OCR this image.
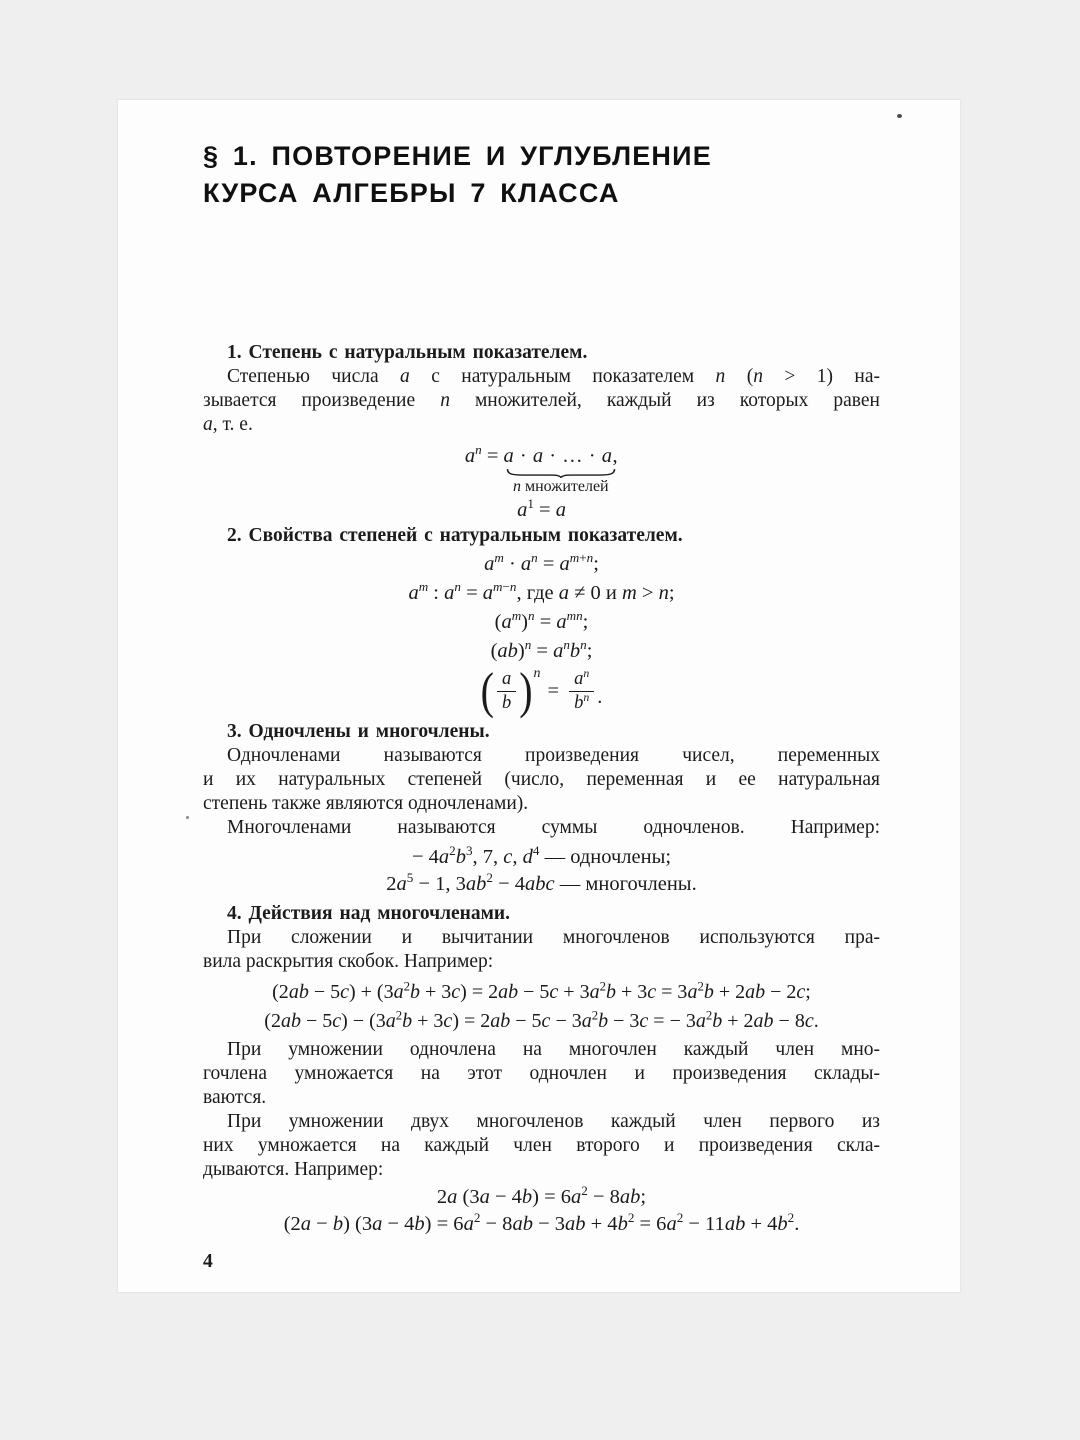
§ 1. ПОВТОРЕНИЕ И УГЛУБЛЕНИЕ
КУРСА АЛГЕБРЫ 7 КЛАССА
1. Степень с натуральным показателем.
Степенью числа a с натуральным показателем n (n > 1) на-
зывается произведение n множителей, каждый из которых равен
a, т. е.
$a^n = a \cdot a$ · … · a,
n множителей
$a^1 = a$
2. Свойства степеней с натуральным показателем.
$a^m \cdot a^n = a^{m+n}$;
$a^m$ : $a^n = a^{m-n}$, где a ≠ 0 и m > n;
$(a^m)^n = a^{mn}$;
$(ab)^n = a^nb^n$;
( $\frac{a}{b}$ ) n
= $\frac{a^n}{b^n}$ .
3. Одночлены и многочлены.
Одночленами называются произведения чисел, переменных
и их натуральных степеней (число, переменная и ее натуральная
степень также являются одночленами).
Многочленами называются суммы одночленов. Например:
− $4a^2b^3$, 7, c, $d^4$ — одночлены;
$2a^5 - 1$, $3ab^2 - 4abc$ — многочлены.
4. Действия над многочленами.
При сложении и вычитании многочленов используются пра-
вила раскрытия скобок. Например:
$(2ab - 5c) + (3a^2b + 3c) = 2ab - 5c + 3a^2b + 3c = 3a^2b + 2ab - 2c$;
$(2ab - 5c) - (3a^2b + 3c) = 2ab - 5c - 3a^2b - 3c$ = − $3a^2b + 2ab - 8c$.
При умножении одночлена на многочлен каждый член мно-
гочлена умножается на этот одночлен и произведения склады-
ваются.
При умножении двух многочленов каждый член первого из
них умножается на каждый член второго и произведения скла-
дываются. Например:
2a $(3a - 4b) = 6a^2 - 8ab$;
(2a − b) $(3a - 4b) = 6a^2 - 8ab - 3ab + 4b^2 = 6a^2 - 11ab + 4b^2$.
4
